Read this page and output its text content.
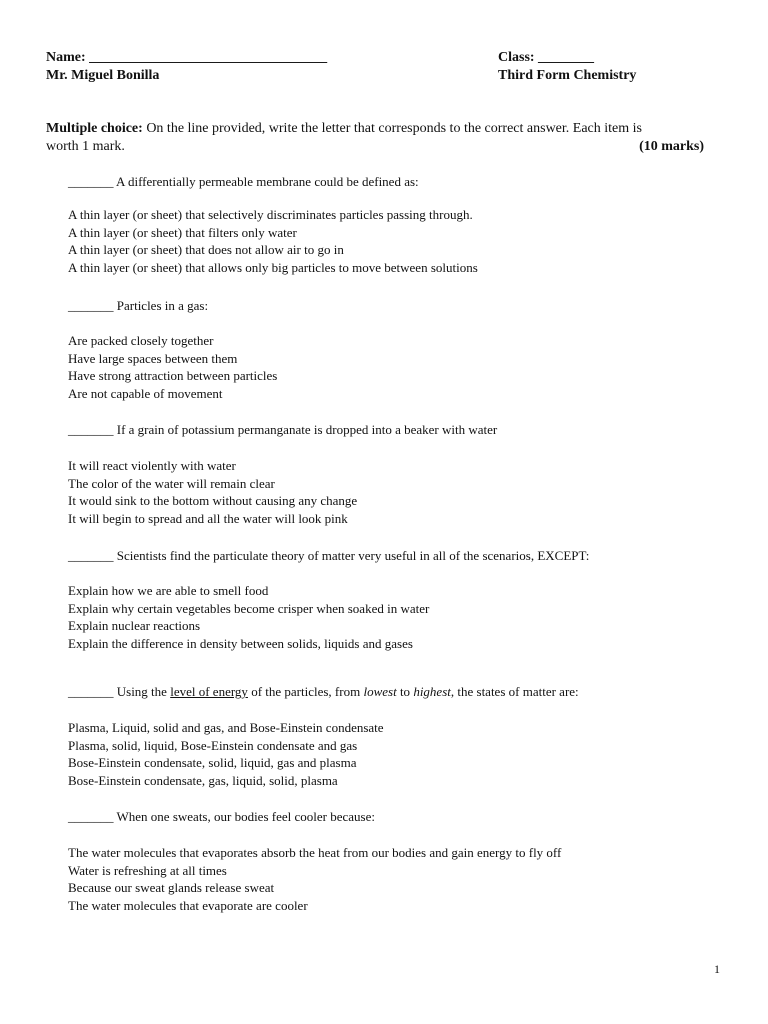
Name: __________________________________
Mr. Miguel Bonilla
Class: ________
Third Form Chemistry
Multiple choice: On the line provided, write the letter that corresponds to the correct answer. Each item is
worth 1 mark.	(10 marks)
_______ A differentially permeable membrane could be defined as:
A thin layer (or sheet) that selectively discriminates particles passing through.
A thin layer (or sheet) that filters only water
A thin layer (or sheet) that does not allow air to go in
A thin layer (or sheet) that allows only big particles to move between solutions
_______ Particles in a gas:
Are packed closely together
Have large spaces between them
Have strong attraction between particles
Are not capable of movement
_______ If a grain of potassium permanganate is dropped into a beaker with water
It will react violently with water
The color of the water will remain clear
It would sink to the bottom without causing any change
It will begin to spread and all the water will look pink
_______ Scientists find the particulate theory of matter very useful in all of the scenarios, EXCEPT:
Explain how we are able to smell food
Explain why certain vegetables become crisper when soaked in water
Explain nuclear reactions
Explain the difference in density between solids, liquids and gases
_______ Using the level of energy of the particles, from lowest to highest, the states of matter are:
Plasma, Liquid, solid and gas, and Bose-Einstein condensate
Plasma, solid, liquid, Bose-Einstein condensate and gas
Bose-Einstein condensate, solid, liquid, gas and plasma
Bose-Einstein condensate, gas, liquid, solid, plasma
_______ When one sweats, our bodies feel cooler because:
The water molecules that evaporates absorb the heat from our bodies and gain energy to fly off
Water is refreshing at all times
Because our sweat glands release sweat
The water molecules that evaporate are cooler
1
